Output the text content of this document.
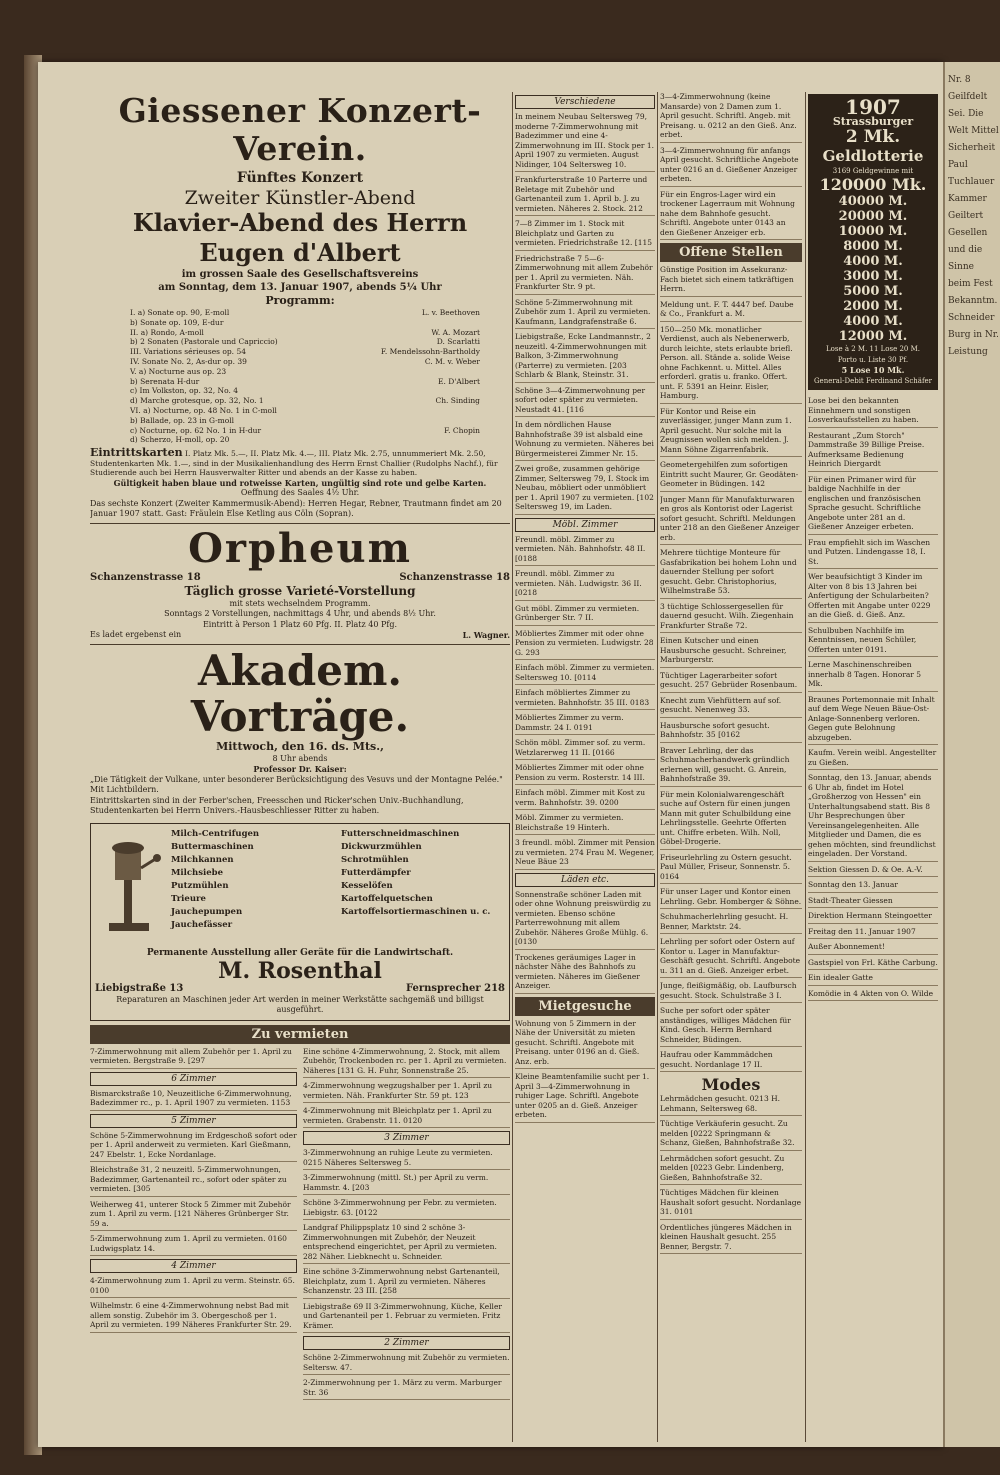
Nr. 8 Geilfdelt Sei. Die Welt Mittel Sicherheit Paul Tuchlauer Kammer Geiltert Gesellen und die Sinne beim Fest Bekanntm. Schneider Burg in Nr. Leistung
Giessener Konzert-Verein.
Fünftes Konzert
Zweiter Künstler-Abend
Klavier-Abend des Herrn Eugen d'Albert
im grossen Saale des Gesellschaftsvereins
am Sonntag, dem 13. Januar 1907, abends 5¼ Uhr
Programm:
I. a) Sonate op. 90, E-moll	L. v. Beethoven
b) Sonate op. 109, E-dur
II. a) Rondo, A-moll	W. A. Mozart
b) 2 Sonaten (Pastorale und Capriccio)	D. Scarlatti
III. Variations sérieuses op. 54	F. Mendelssohn-Bartholdy
IV. Sonate No. 2, As-dur op. 39	C. M. v. Weber
V. a) Nocturne aus op. 23
b) Serenata H-dur	E. D'Albert
c) Im Volkston, op. 32, No. 4
d) Marche grotesque, op. 32, No. 1	Ch. Sinding
VI. a) Nocturne, op. 48 No. 1 in C-moll
b) Ballade, op. 23 in G-moll
c) Nocturne, op. 62 No. 1 in H-dur	F. Chopin
d) Scherzo, H-moll, op. 20
Eintrittskarten I. Platz Mk. 5.—, II. Platz Mk. 4.—, III. Platz Mk. 2.75, unnummeriert Mk. 2.50, Studentenkarten Mk. 1.—, sind in der Musikalienhandlung des Herrn Ernst Challier (Rudolphs Nachf.), für Studierende auch bei Herrn Hausverwalter Ritter und abends an der Kasse zu haben.
Gültigkeit haben blaue und rotweisse Karten, ungültig sind rote und gelbe Karten.
Oeffnung des Saales 4½ Uhr.
Das sechste Konzert (Zweiter Kammermusik-Abend): Herren Hegar, Rebner, Trautmann findet am 20 Januar 1907 statt. Gast: Fräulein Else Ketling aus Cöln (Sopran).
Orpheum
Schanzenstrasse 18	Schanzenstrasse 18
Täglich grosse Varieté-Vorstellung
mit stets wechselndem Programm.
Sonntags 2 Vorstellungen, nachmittags 4 Uhr, und abends 8½ Uhr.
Eintritt à Person 1 Platz 60 Pfg. II. Platz 40 Pfg.
Es ladet ergebenst ein	L. Wagner.
Akadem. Vorträge.
Mittwoch, den 16. ds. Mts.,
8 Uhr abends
Professor Dr. Kaiser:
„Die Tätigkeit der Vulkane, unter besonderer Berücksichtigung des Vesuvs und der Montagne Pelée." Mit Lichtbildern.
Eintrittskarten sind in der Ferber'schen, Freesschen und Ricker'schen Univ.-Buchhandlung, Studentenkarten bei Herrn Univers.-Hausbeschliesser Ritter zu haben.
Milch-Centrifugen
Buttermaschinen
Milchkannen
Milchsiebe
Putzmühlen
Trieure
Jauchepumpen
Jauchefässer
Futterschneidmaschinen
Dickwurzmühlen
Schrotmühlen
Futterdämpfer
Kesselöfen
Kartoffelquetschen
Kartoffelsortiermaschinen u. c.
Permanente Ausstellung aller Geräte für die Landwirtschaft.
M. Rosenthal
Liebigstraße 13	Fernsprecher 218
Reparaturen an Maschinen jeder Art werden in meiner Werkstätte sachgemäß und billigst ausgeführt.
Zu vermieten
7-Zimmerwohnung mit allem Zubehör per 1. April zu vermieten. Bergstraße 9. [297
6 Zimmer
Bismarckstraße 10, Neuzeitliche 6-Zimmerwohnung, Badezimmer rc., p. 1. April 1907 zu vermieten. 1153
5 Zimmer
Schöne 5-Zimmerwohnung im Erdgeschoß sofort oder per 1. April anderweit zu vermieten. Karl Gießmann, 247 Ebelstr. 1, Ecke Nordanlage.
Bleichstraße 31, 2 neuzeitl. 5-Zimmerwohnungen, Badezimmer, Gartenanteil rc., sofort oder später zu vermieten. [305
Weiherweg 41, unterer Stock 5 Zimmer mit Zubehör zum 1. April zu verm. [121 Näheres Grünberger Str. 59 a.
5-Zimmerwohnung zum 1. April zu vermieten. 0160 Ludwigsplatz 14.
4 Zimmer
4-Zimmerwohnung zum 1. April zu verm. Steinstr. 65. 0100
Wilhelmstr. 6 eine 4-Zimmerwohnung nebst Bad mit allem sonstig. Zubehör im 3. Obergeschoß per 1. April zu vermieten. 199 Näheres Frankfurter Str. 29.
Eine schöne 4-Zimmerwohnung, 2. Stock, mit allem Zubehör, Trockenboden rc. per 1. April zu vermieten. Näheres [131 G. H. Fuhr, Sonnenstraße 25.
4-Zimmerwohnung wegzugshalber per 1. April zu vermieten. Näh. Frankfurter Str. 59 pt. 123
4-Zimmerwohnung mit Bleichplatz per 1. April zu vermieten. Grabenstr. 11. 0120
3 Zimmer
3-Zimmerwohnung an ruhige Leute zu vermieten. 0215 Näheres Seltersweg 5.
3-Zimmerwohnung (mittl. St.) per April zu verm. Hammstr. 4. [203
Schöne 3-Zimmerwohnung per Febr. zu vermieten. Liebigstr. 63. [0122
Landgraf Philippsplatz 10 sind 2 schöne 3-Zimmerwohnungen mit Zubehör, der Neuzeit entsprechend eingerichtet, per April zu vermieten. 282 Näher. Liebknecht u. Schneider.
Eine schöne 3-Zimmerwohnung nebst Gartenanteil, Bleichplatz, zum 1. April zu vermieten. Näheres Schanzenstr. 23 III. [258
Liebigstraße 69 II 3-Zimmerwohnung, Küche, Keller und Gartenanteil per 1. Februar zu vermieten. Fritz Krämer.
2 Zimmer
Schöne 2-Zimmerwohnung mit Zubehör zu vermieten. Seltersw. 47.
2-Zimmerwohnung per 1. März zu verm. Marburger Str. 36
Verschiedene
In meinem Neubau Seltersweg 79, moderne 7-Zimmerwohnung mit Badezimmer und eine 4-Zimmerwohnung im III. Stock per 1. April 1907 zu vermieten. August Nidinger, 104 Seltersweg 10.
Frankfurterstraße 10 Parterre und Beletage mit Zubehör und Gartenanteil zum 1. April b. J. zu vermieten. Näheres 2. Stock. 212
7—8 Zimmer im 1. Stock mit Bleichplatz und Garten zu vermieten. Friedrichstraße 12. [115
Friedrichstraße 7 5—6-Zimmerwohnung mit allem Zubehör per 1. April zu vermieten. Näh. Frankfurter Str. 9 pt.
Schöne 5-Zimmerwohnung mit Zubehör zum 1. April zu vermieten. Kaufmann, Landgrafenstraße 6.
Liebigstraße, Ecke Landmannstr., 2 neuzeitl. 4-Zimmerwohnungen mit Balkon, 3-Zimmerwohnung (Parterre) zu vermieten. [203 Schlarb & Blank, Steinstr. 31.
Schöne 3—4-Zimmerwohnung per sofort oder später zu vermieten. Neustadt 41. [116
In dem nördlichen Hause Bahnhofstraße 39 ist alsbald eine Wohnung zu vermieten. Näheres bei Bürgermeisterei Zimmer Nr. 15.
Zwei große, zusammen gehörige Zimmer, Seltersweg 79, I. Stock im Neubau, möbliert oder unmöbliert per 1. April 1907 zu vermieten. [102 Seltersweg 19, im Laden.
Möbl. Zimmer
Freundl. möbl. Zimmer zu vermieten. Näh. Bahnhofstr. 48 II. [0188
Freundl. möbl. Zimmer zu vermieten. Näh. Ludwigstr. 36 II. [0218
Gut möbl. Zimmer zu vermieten. Grünberger Str. 7 II.
Möbliertes Zimmer mit oder ohne Pension zu vermieten. Ludwigstr. 28 G. 293
Einfach möbl. Zimmer zu vermieten. Seltersweg 10. [0114
Einfach möbliertes Zimmer zu vermieten. Bahnhofstr. 35 III. 0183
Möbliertes Zimmer zu verm. Dammstr. 24 I. 0191
Schön möbl. Zimmer sof. zu verm. Wetzlarerweg 11 II. [0166
Möbliertes Zimmer mit oder ohne Pension zu verm. Rosterstr. 14 III.
Einfach möbl. Zimmer mit Kost zu verm. Bahnhofstr. 39. 0200
Möbl. Zimmer zu vermieten. Bleichstraße 19 Hinterh.
3 freundl. möbl. Zimmer mit Pension zu vermieten. 274 Frau M. Wegener, Neue Bäue 23
Läden etc.
Sonnenstraße schöner Laden mit oder ohne Wohnung preiswürdig zu vermieten. Ebenso schöne Parterrewohnung mit allem Zubehör. Näheres Große Mühlg. 6. [0130
Trockenes geräumiges Lager in nächster Nähe des Bahnhofs zu vermieten. Näheres im Gießener Anzeiger.
Mietgesuche
Wohnung von 5 Zimmern in der Nähe der Universität zu mieten gesucht. Schriftl. Angebote mit Preisang. unter 0196 an d. Gieß. Anz. erb.
Kleine Beamtenfamilie sucht per 1. April 3—4-Zimmerwohnung in ruhiger Lage. Schriftl. Angebote unter 0205 an d. Gieß. Anzeiger erbeten.
3—4-Zimmerwohnung (keine Mansarde) von 2 Damen zum 1. April gesucht. Schriftl. Angeb. mit Preisang. u. 0212 an den Gieß. Anz. erbet.
3—4-Zimmerwohnung für anfangs April gesucht. Schriftliche Angebote unter 0216 an d. Gießener Anzeiger erbeten.
Für ein Engros-Lager wird ein trockener Lagerraum mit Wohnung nahe dem Bahnhofe gesucht. Schriftl. Angebote unter 0143 an den Gießener Anzeiger erb.
Offene Stellen
Günstige Position im Assekuranz-Fach bietet sich einem tatkräftigen Herrn.
Meldung unt. F. T. 4447 bef. Daube & Co., Frankfurt a. M.
150—250 Mk. monatlicher Verdienst, auch als Nebenerwerb, durch leichte, stets erlaubte briefl. Person. all. Stände a. solide Weise ohne Fachkennt. u. Mittel. Alles erforderl. gratis u. franko. Offert. unt. F. 5391 an Heinr. Eisler, Hamburg.
Für Kontor und Reise ein zuverlässiger, junger Mann zum 1. April gesucht. Nur solche mit la Zeugnissen wollen sich melden. J. Mann Söhne Zigarrenfabrik.
Geometergehilfen zum sofortigen Eintritt sucht Maurer, Gr. Geodäten-Geometer in Büdingen. 142
Junger Mann für Manufakturwaren en gros als Kontorist oder Lagerist sofort gesucht. Schriftl. Meldungen unter 218 an den Gießener Anzeiger erb.
Mehrere tüchtige Monteure für Gasfabrikation bei hohem Lohn und dauernder Stellung per sofort gesucht. Gebr. Christophorius, Wilhelmstraße 53.
3 tüchtige Schlossergesellen für dauernd gesucht. Wilh. Ziegenhain Frankfurter Straße 72.
Einen Kutscher und einen Hausbursche gesucht. Schreiner, Marburgerstr.
Tüchtiger Lagerarbeiter sofort gesucht. 257 Gebrüder Rosenbaum.
Knecht zum Viehfüttern auf sof. gesucht. Nenenweg 33.
Hausbursche sofort gesucht. Bahnhofstr. 35 [0162
Braver Lehrling, der das Schuhmacherhandwerk gründlich erlernen will, gesucht. G. Anrein, Bahnhofstraße 39.
Für mein Kolonialwarengeschäft suche auf Ostern für einen jungen Mann mit guter Schulbildung eine Lehrlingsstelle. Geehrte Offerten unt. Chiffre erbeten. Wilh. Noll, Göbel-Drogerie.
Friseurlehrling zu Ostern gesucht. Paul Müller, Friseur, Sonnenstr. 5. 0164
Für unser Lager und Kontor einen Lehrling. Gebr. Homberger & Söhne.
Schuhmacherlehrling gesucht. H. Benner, Marktstr. 24.
Lehrling per sofort oder Ostern auf Kontor u. Lager in Manufaktur-Geschäft gesucht. Schriftl. Angebote u. 311 an d. Gieß. Anzeiger erbet.
Junge, fleißigmäßig, ob. Laufbursch gesucht. Stock. Schulstraße 3 I.
Suche per sofort oder später anständiges, williges Mädchen für Kind. Gesch. Herrn Bernhard Schneider, Büdingen.
Haufrau oder Kammmädchen gesucht. Nordanlage 17 II.
Modes
Lehrmädchen gesucht. 0213 H. Lehmann, Seltersweg 68.
Tüchtige Verkäuferin gesucht. Zu melden [0222 Springmann & Schanz, Gießen, Bahnhofstraße 32.
Lehrmädchen sofort gesucht. Zu melden [0223 Gebr. Lindenberg, Gießen, Bahnhofstraße 32.
Tüchtiges Mädchen für kleinen Haushalt sofort gesucht. Nordanlage 31. 0101
Ordentliches jüngeres Mädchen in kleinen Haushalt gesucht. 255 Benner, Bergstr. 7.
1907
Strassburger
2 Mk.
Geldlotterie
3169 Geldgewinne mit
120000 Mk.
40000 M.
20000 M.
10000 M.
8000 M.
4000 M.
3000 M.
5000 M.
2000 M.
4000 M.
12000 M.
Lose à 2 M. 11 Lose 20 M.
Porto u. Liste 30 Pf.
5 Lose 10 Mk.
General-Debit Ferdinand Schäfer
Lose bei den bekannten Einnehmern und sonstigen Losverkaufsstellen zu haben.
Restaurant „Zum Storch" Dammstraße 39 Billige Preise. Aufmerksame Bedienung Heinrich Diergardt
Für einen Primaner wird für baldige Nachhilfe in der englischen und französischen Sprache gesucht. Schriftliche Angebote unter 281 an d. Gießener Anzeiger erbeten.
Frau empfiehlt sich im Waschen und Putzen. Lindengasse 18, I. St.
Wer beaufsichtigt 3 Kinder im Alter von 8 bis 13 Jahren bei Anfertigung der Schularbeiten? Offerten mit Angabe unter 0229 an die Gieß. d. Gieß. Anz.
Schulbuben Nachhilfe im Kenntnissen, neuen Schüler, Offerten unter 0191.
Lerne Maschinenschreiben innerhalb 8 Tagen. Honorar 5 Mk.
Braunes Portemonnaie mit Inhalt auf dem Wege Neuen Bäue-Ost-Anlage-Sonnenberg verloren. Gegen gute Belohnung abzugeben.
Kaufm. Verein weibl. Angestellter zu Gießen.
Sonntag, den 13. Januar, abends 6 Uhr ab, findet im Hotel „Großherzog von Hessen" ein Unterhaltungsabend statt. Bis 8 Uhr Besprechungen über Vereinsangelegenheiten. Alle Mitglieder und Damen, die es gehen möchten, sind freundlichst eingeladen. Der Vorstand.
Sektion Giessen D. & Oe. A.-V.
Sonntag den 13. Januar
Stadt-Theater Giessen
Direktion Hermann Steingoetter
Freitag den 11. Januar 1907
Außer Abonnement!
Gastspiel von Frl. Käthe Carbung.
Ein idealer Gatte
Komödie in 4 Akten von O. Wilde
